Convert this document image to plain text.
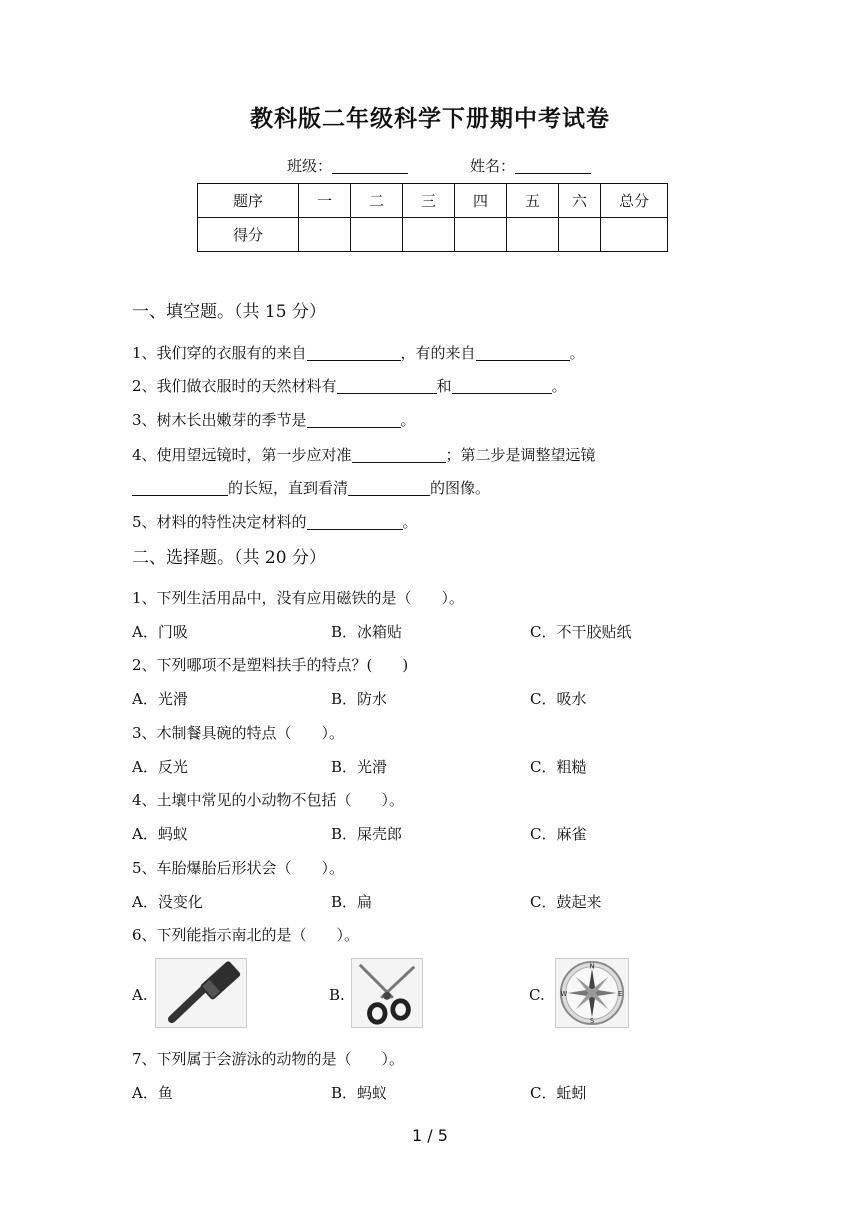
教科版二年级科学下册期中考试卷
班级：	姓名：
题序	一	二	三	四	五	六	总分
得分							
一、填空题。（共 15 分）
1、我们穿的衣服有的来自	，有的来自	。
2、我们做衣服时的天然材料有	和	。
3、树木长出嫩芽的季节是	。
4、使用望远镜时，第一步应对准	；第二步是调整望远镜
的长短，直到看清	的图像。
5、材料的特性决定材料的	。
二、选择题。（共 20 分）
1、下列生活用品中，没有应用磁铁的是（　　）。
A．门吸	B．冰箱贴	C．不干胶贴纸
2、下列哪项不是塑料扶手的特点？(　　)
A．光滑	B．防水	C．吸水
3、木制餐具碗的特点（　　）。
A．反光	B．光滑	C．粗糙
4、土壤中常见的小动物不包括（　　）。
A．蚂蚁	B．屎壳郎	C．麻雀
5、车胎爆胎后形状会（　　）。
A．没变化	B．扁	C．鼓起来
6、下列能指示南北的是（　　）。
A.	B.	C.
N
S
E
W
7、下列属于会游泳的动物的是（　　）。
A．鱼	B．蚂蚁	C．蚯蚓
1 / 5
